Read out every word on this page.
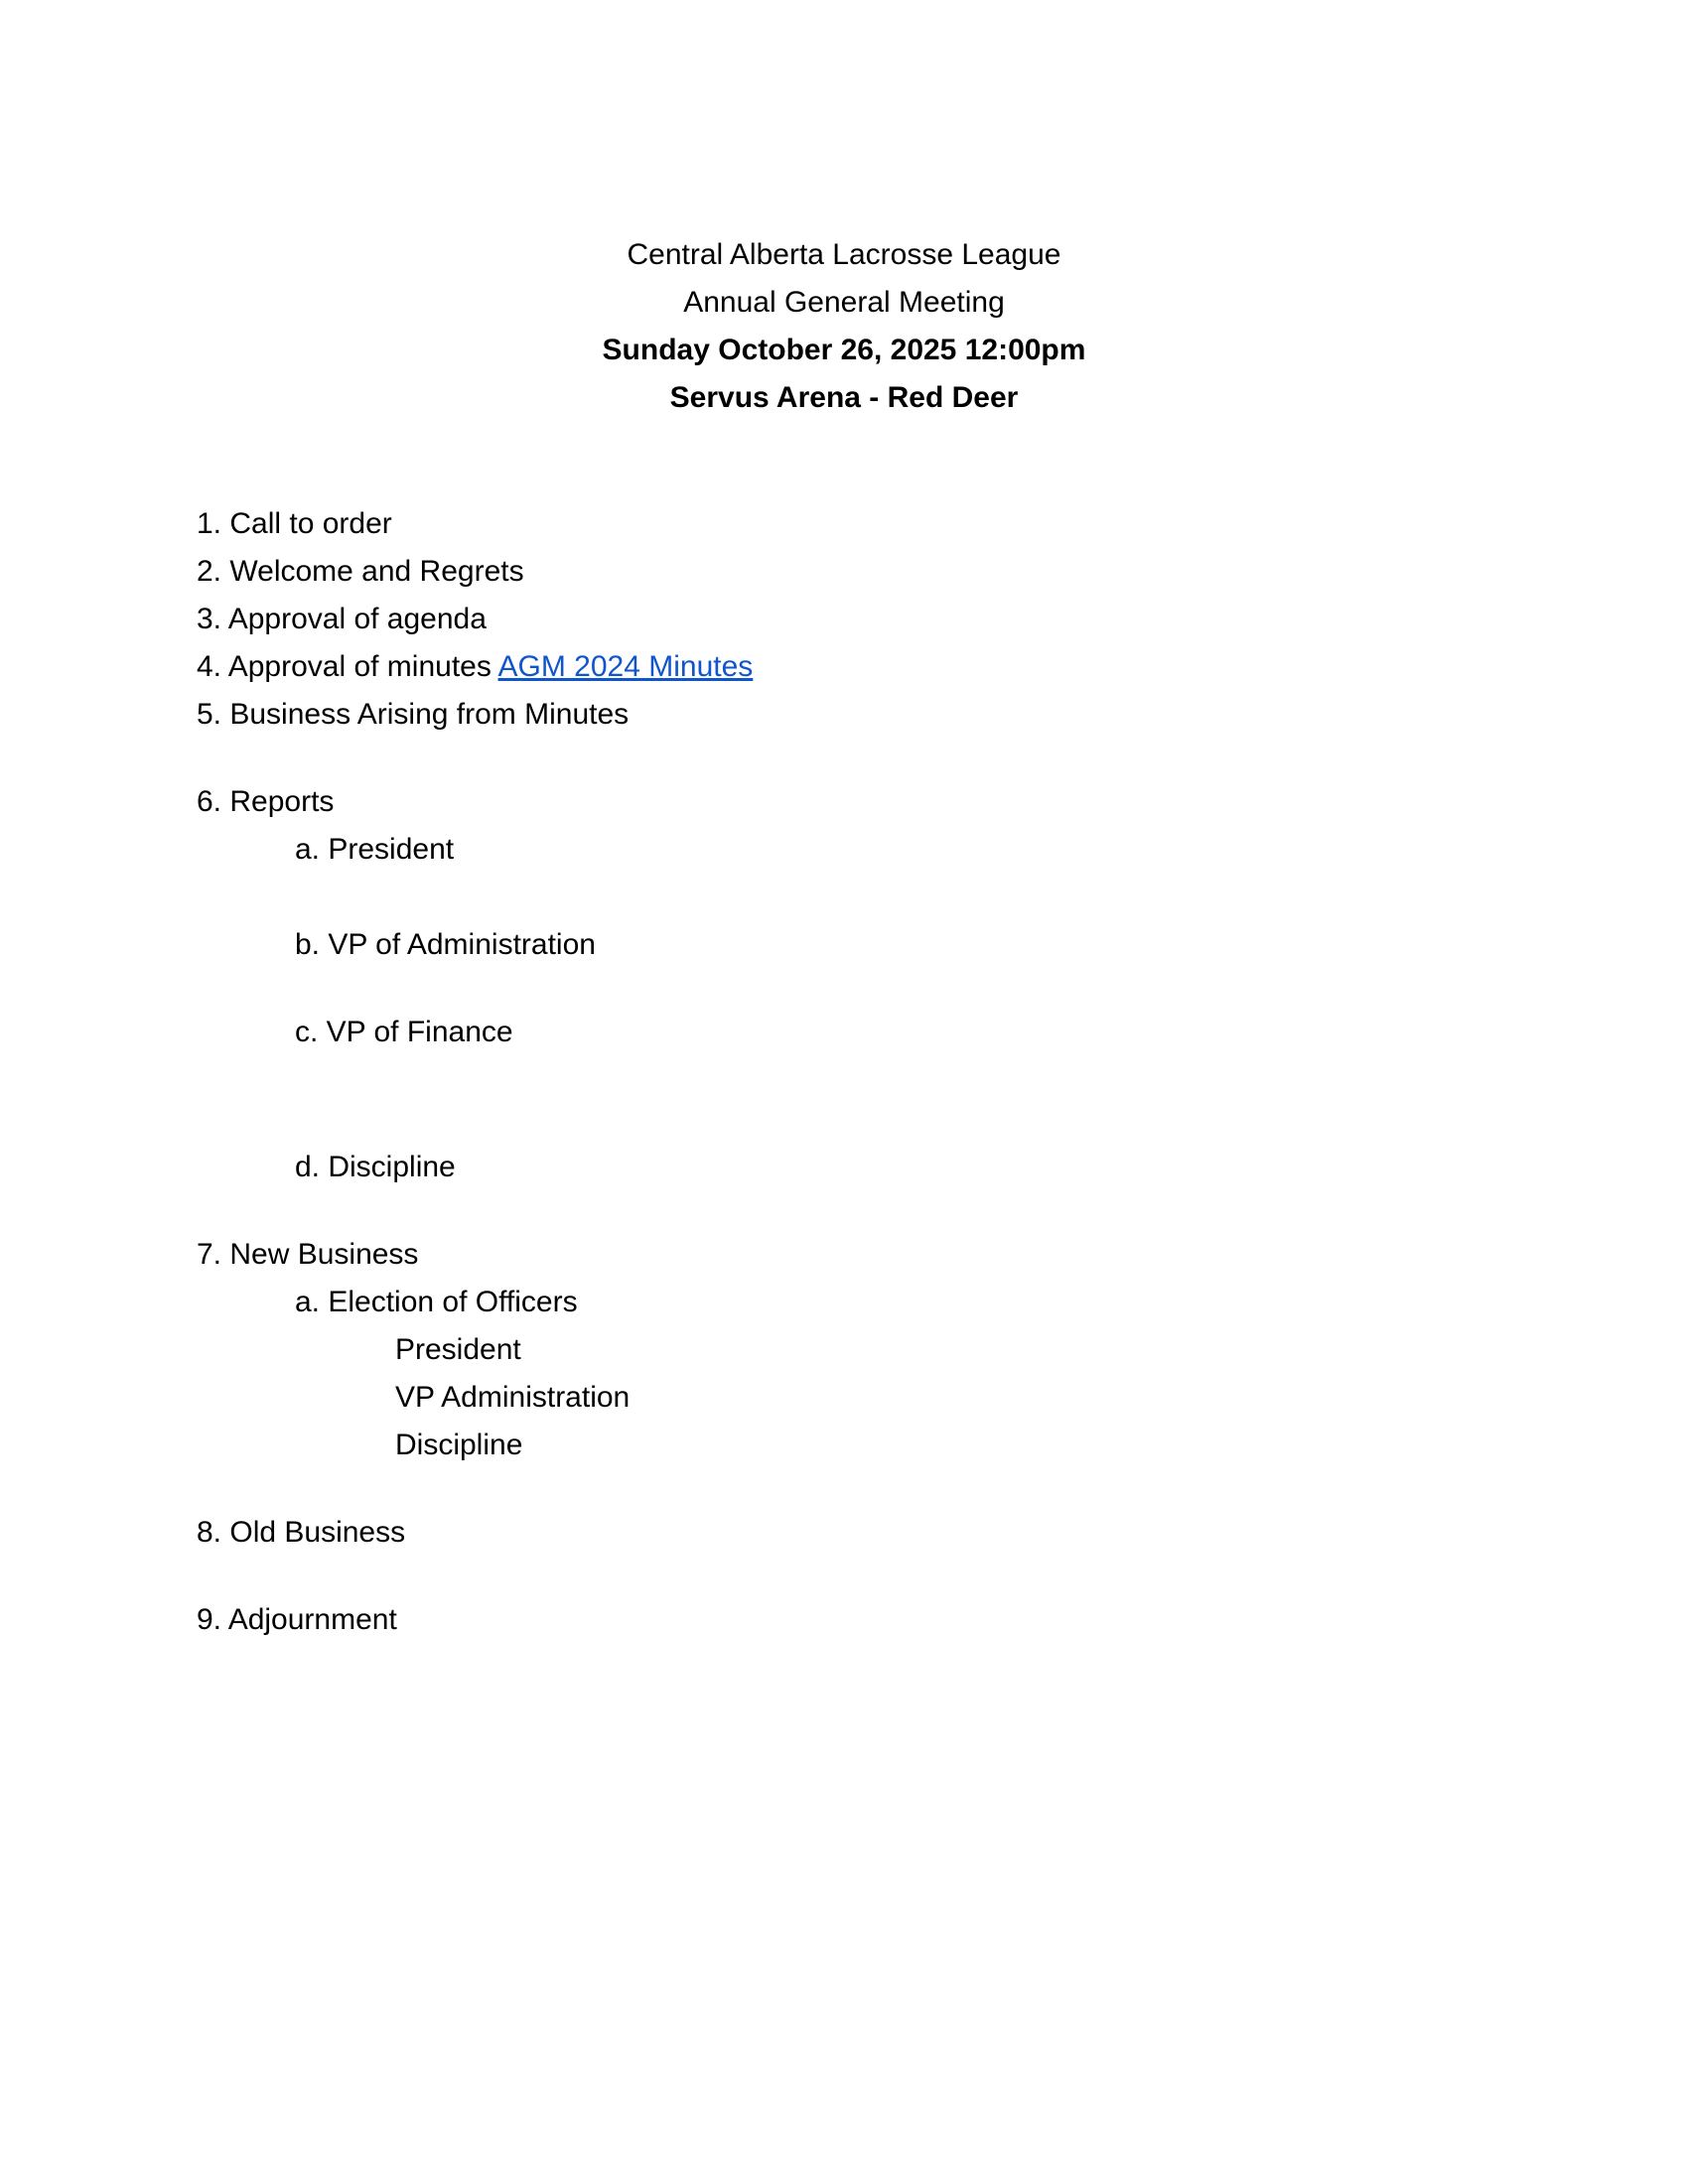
Central Alberta Lacrosse League
Annual General Meeting
Sunday October 26, 2025 12:00pm
Servus Arena - Red Deer
1. Call to order
2. Welcome and Regrets
3. Approval of agenda
4. Approval of minutes AGM 2024 Minutes
5. Business Arising from Minutes
6. Reports
a. President
b. VP of Administration
c. VP of Finance
d. Discipline
7. New Business
a. Election of Officers
President
VP Administration
Discipline
8. Old Business
9. Adjournment
